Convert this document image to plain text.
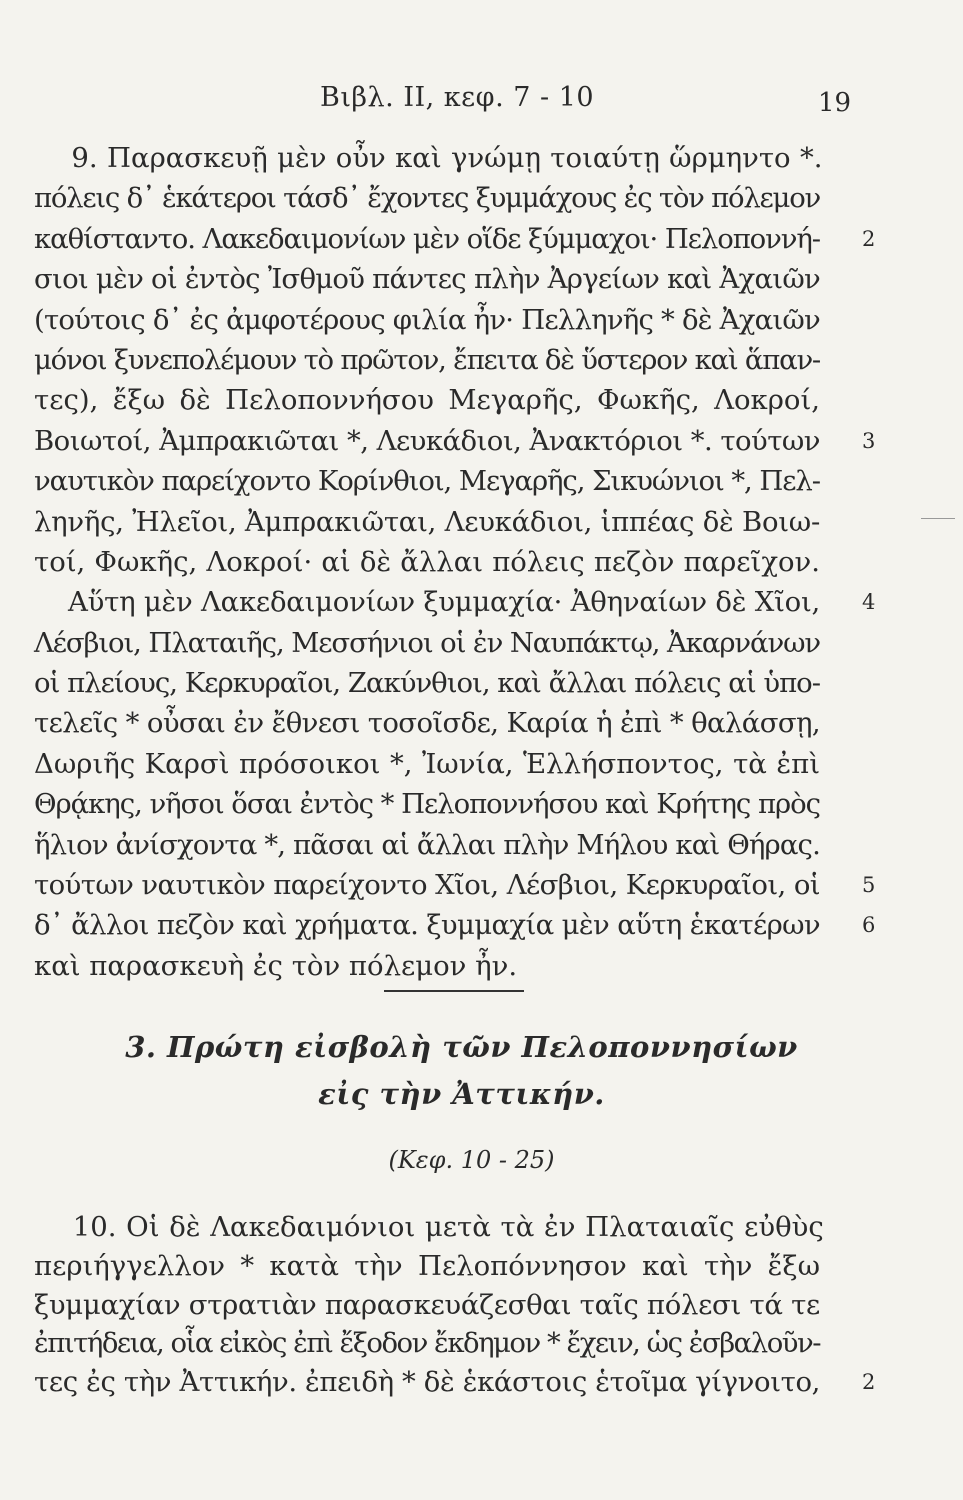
Βιβλ. II, κεφ. 7 - 10	19
9. Παρασκευῇ μὲν οὖν καὶ γνώμῃ τοιαύτῃ ὥρμηντο *.
πόλεις δ᾽ ἑκάτεροι τάσδ᾽ ἔχοντες ξυμμάχους ἐς τὸν πόλεμον
καθίσταντο. Λακεδαιμονίων μὲν οἵδε ξύμμαχοι· Πελοποννή- 2
σιοι μὲν οἱ ἐντὸς Ἰσθμοῦ πάντες πλὴν Ἀργείων καὶ Ἀχαιῶν
(τούτοις δ᾽ ἐς ἀμφοτέρους φιλία ἦν· Πελληνῆς * δὲ Ἀχαιῶν
μόνοι ξυνεπολέμουν τὸ πρῶτον, ἔπειτα δὲ ὕστερον καὶ ἅπαν-
τες), ἔξω δὲ Πελοποννήσου Μεγαρῆς, Φωκῆς, Λοκροί,
Βοιωτοί, Ἀμπρακιῶται *, Λευκάδιοι, Ἀνακτόριοι *. τούτων 3
ναυτικὸν παρείχοντο Κορίνθιοι, Μεγαρῆς, Σικυώνιοι *, Πελ-
ληνῆς, Ἠλεῖοι, Ἀμπρακιῶται, Λευκάδιοι, ἱππέας δὲ Βοιω-
τοί, Φωκῆς, Λοκροί· αἱ δὲ ἄλλαι πόλεις πεζὸν παρεῖχον.
Αὕτη μὲν Λακεδαιμονίων ξυμμαχία· Ἀθηναίων δὲ Χῖοι, 4
Λέσβιοι, Πλαταιῆς, Μεσσήνιοι οἱ ἐν Ναυπάκτῳ, Ἀκαρνάνων
οἱ πλείους, Κερκυραῖοι, Ζακύνθιοι, καὶ ἄλλαι πόλεις αἱ ὑπο-
τελεῖς * οὖσαι ἐν ἔθνεσι τοσοῖσδε, Καρία ἡ ἐπὶ * θαλάσσῃ,
Δωριῆς Καρσὶ πρόσοικοι *, Ἰωνία, Ἑλλήσποντος, τὰ ἐπὶ
Θρᾴκης, νῆσοι ὅσαι ἐντὸς * Πελοποννήσου καὶ Κρήτης πρὸς
ἥλιον ἀνίσχοντα *, πᾶσαι αἱ ἄλλαι πλὴν Μήλου καὶ Θήρας.
τούτων ναυτικὸν παρείχοντο Χῖοι, Λέσβιοι, Κερκυραῖοι, οἱ 5
δ᾽ ἄλλοι πεζὸν καὶ χρήματα. ξυμμαχία μὲν αὕτη ἑκατέρων 6
καὶ παρασκευὴ ἐς τὸν πόλεμον ἦν.
3. Πρώτη εἰσβολὴ τῶν Πελοποννησίων
εἰς τὴν Ἀττικήν.
(Κεφ. 10 - 25)
10. Οἱ δὲ Λακεδαιμόνιοι μετὰ τὰ ἐν Πλαταιαῖς εὐθὺς
περιήγγελλον * κατὰ τὴν Πελοπόννησον καὶ τὴν ἔξω
ξυμμαχίαν στρατιὰν παρασκευάζεσθαι ταῖς πόλεσι τά τε
ἐπιτήδεια, οἷα εἰκὸς ἐπὶ ἔξοδον ἔκδημον * ἔχειν, ὡς ἐσβαλοῦν-
τες ἐς τὴν Ἀττικήν. ἐπειδὴ * δὲ ἑκάστοις ἑτοῖμα γίγνοιτο, 2
